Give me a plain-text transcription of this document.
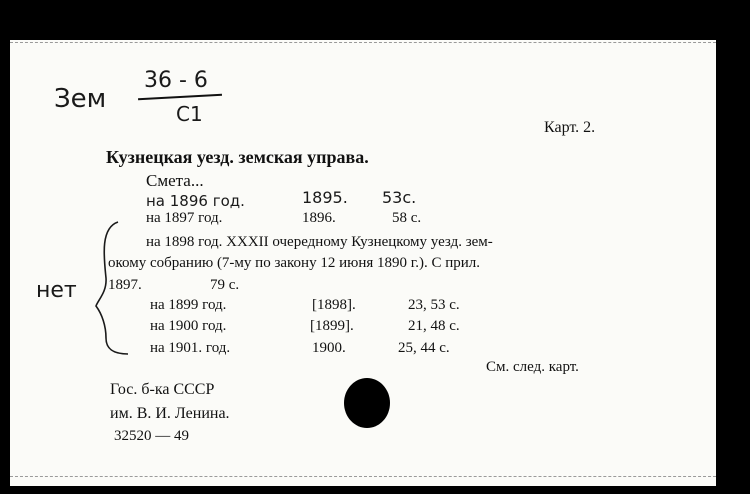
Зем
36 - 6
C1
Карт. 2.
Кузнецкая уезд. земская управа.
Смета...
на 1896 год.	1895. 53с.
на 1897 год.	1896.	58 с.
на 1898 год. XXXII очередному Кузнецкому уезд. зем-
окому собранию (7-му по закону 12 июня 1890 г.). С прил.
1897.	79 с.
на 1899 год.	[1898].	23, 53 с.
на 1900 год.	[1899].	21, 48 с.
на 1901. год.	1900.	25, 44 с.
нет
См. след. карт.
Гос. б-ка СССР
им. В. И. Ленина.
32520 — 49
